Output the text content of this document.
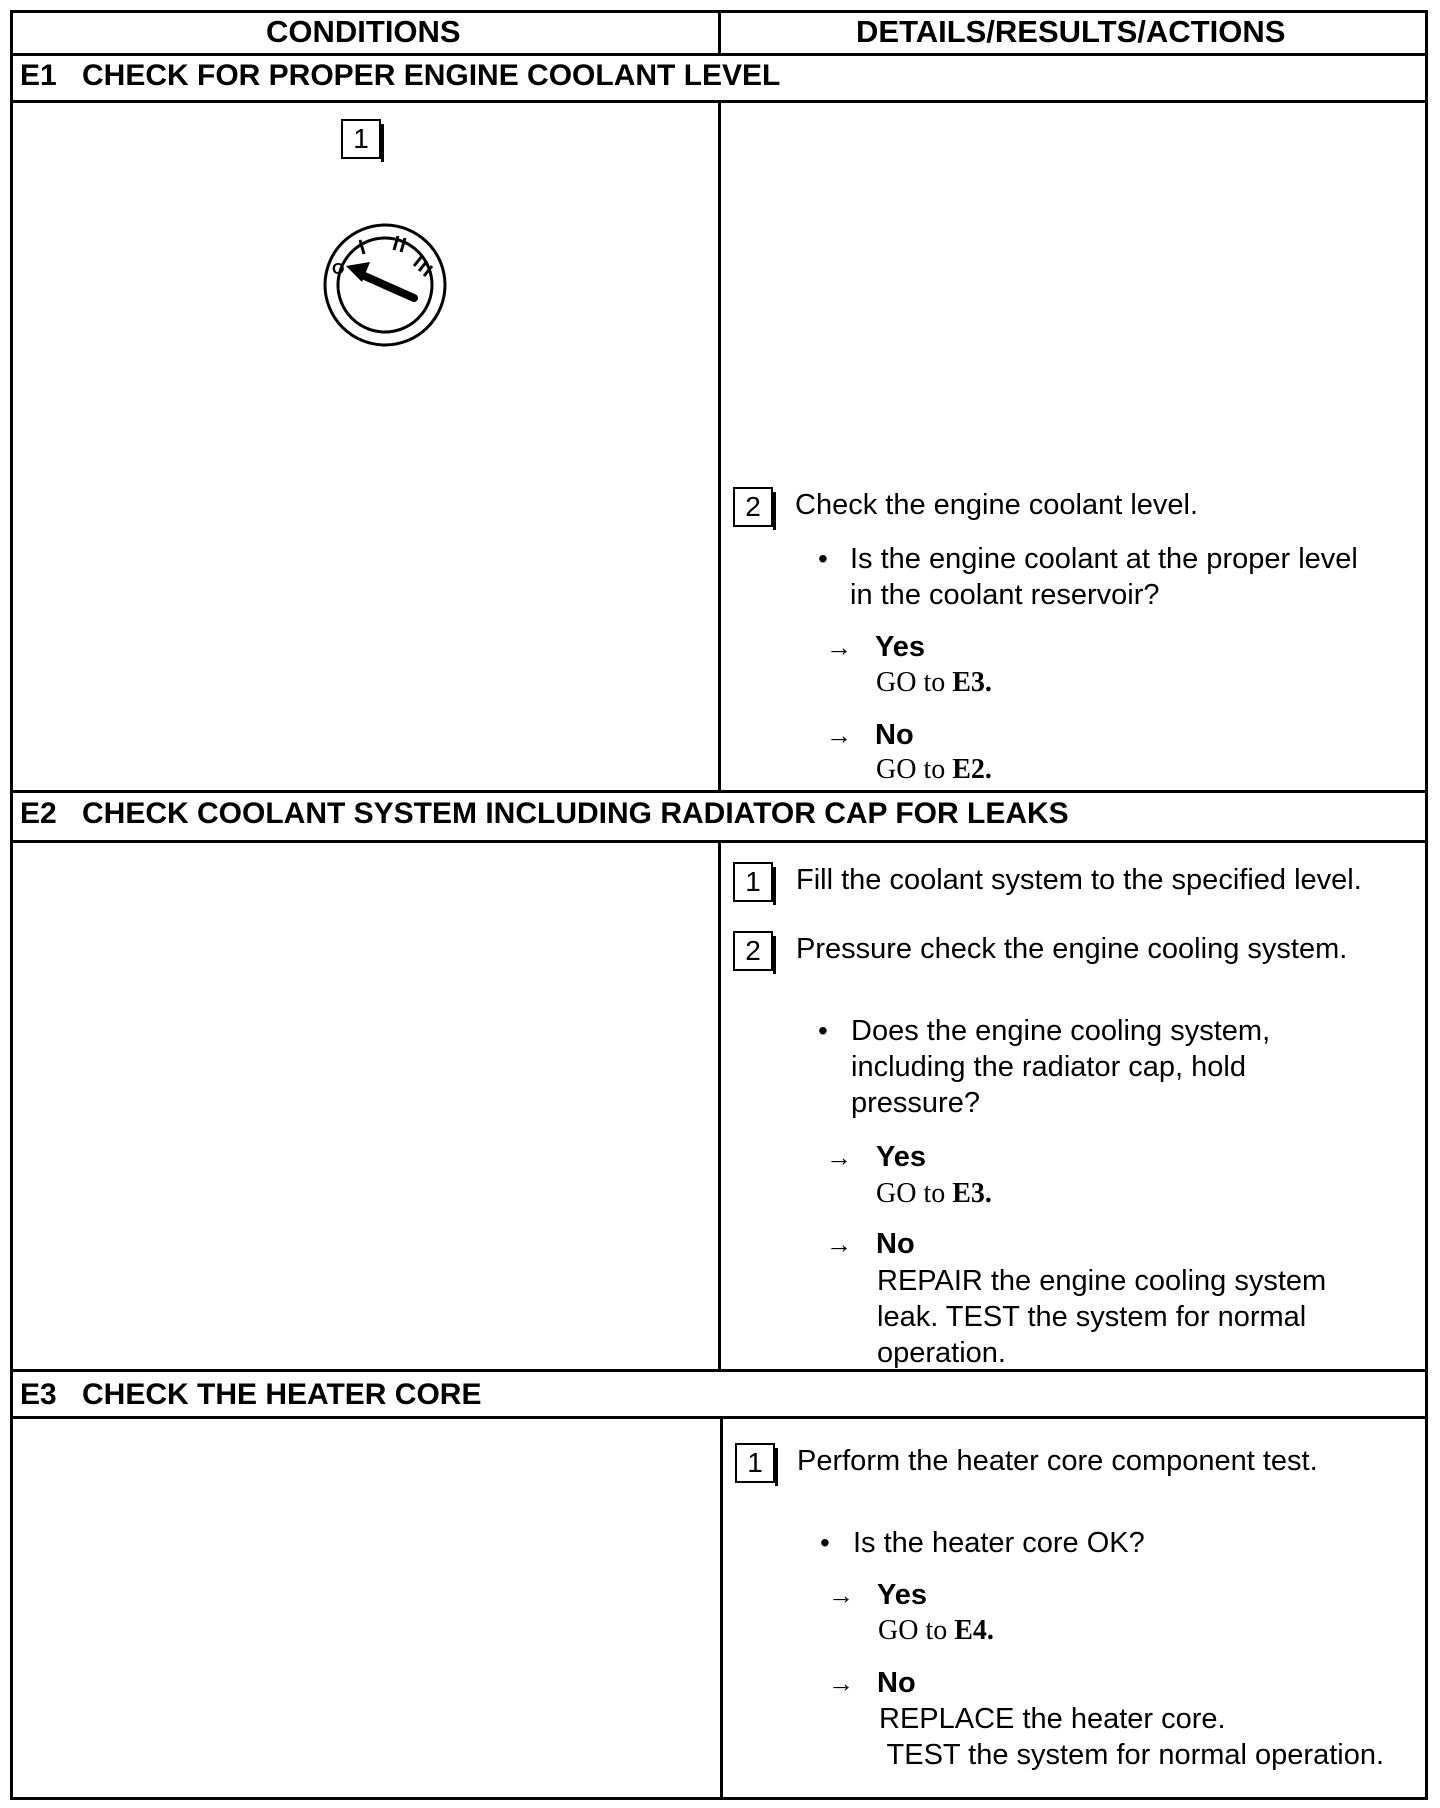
CONDITIONS	DETAILS/RESULTS/ACTIONS
E1 CHECK FOR PROPER ENGINE COOLANT LEVEL
1
O
2	Check the engine coolant level.
• Is the engine coolant at the proper level
in the coolant reservoir?
→ Yes
GO to E3.
→ No
GO to E2.
E2 CHECK COOLANT SYSTEM INCLUDING RADIATOR CAP FOR LEAKS
1	Fill the coolant system to the specified level.
2	Pressure check the engine cooling system.
• Does the engine cooling system,
including the radiator cap, hold
pressure?
→ Yes
GO to E3.
→ No
REPAIR the engine cooling system
leak. TEST the system for normal
operation.
E3 CHECK THE HEATER CORE
1	Perform the heater core component test.
• Is the heater core OK?
→ Yes
GO to E4.
→ No
REPLACE the heater core.
TEST the system for normal operation.
